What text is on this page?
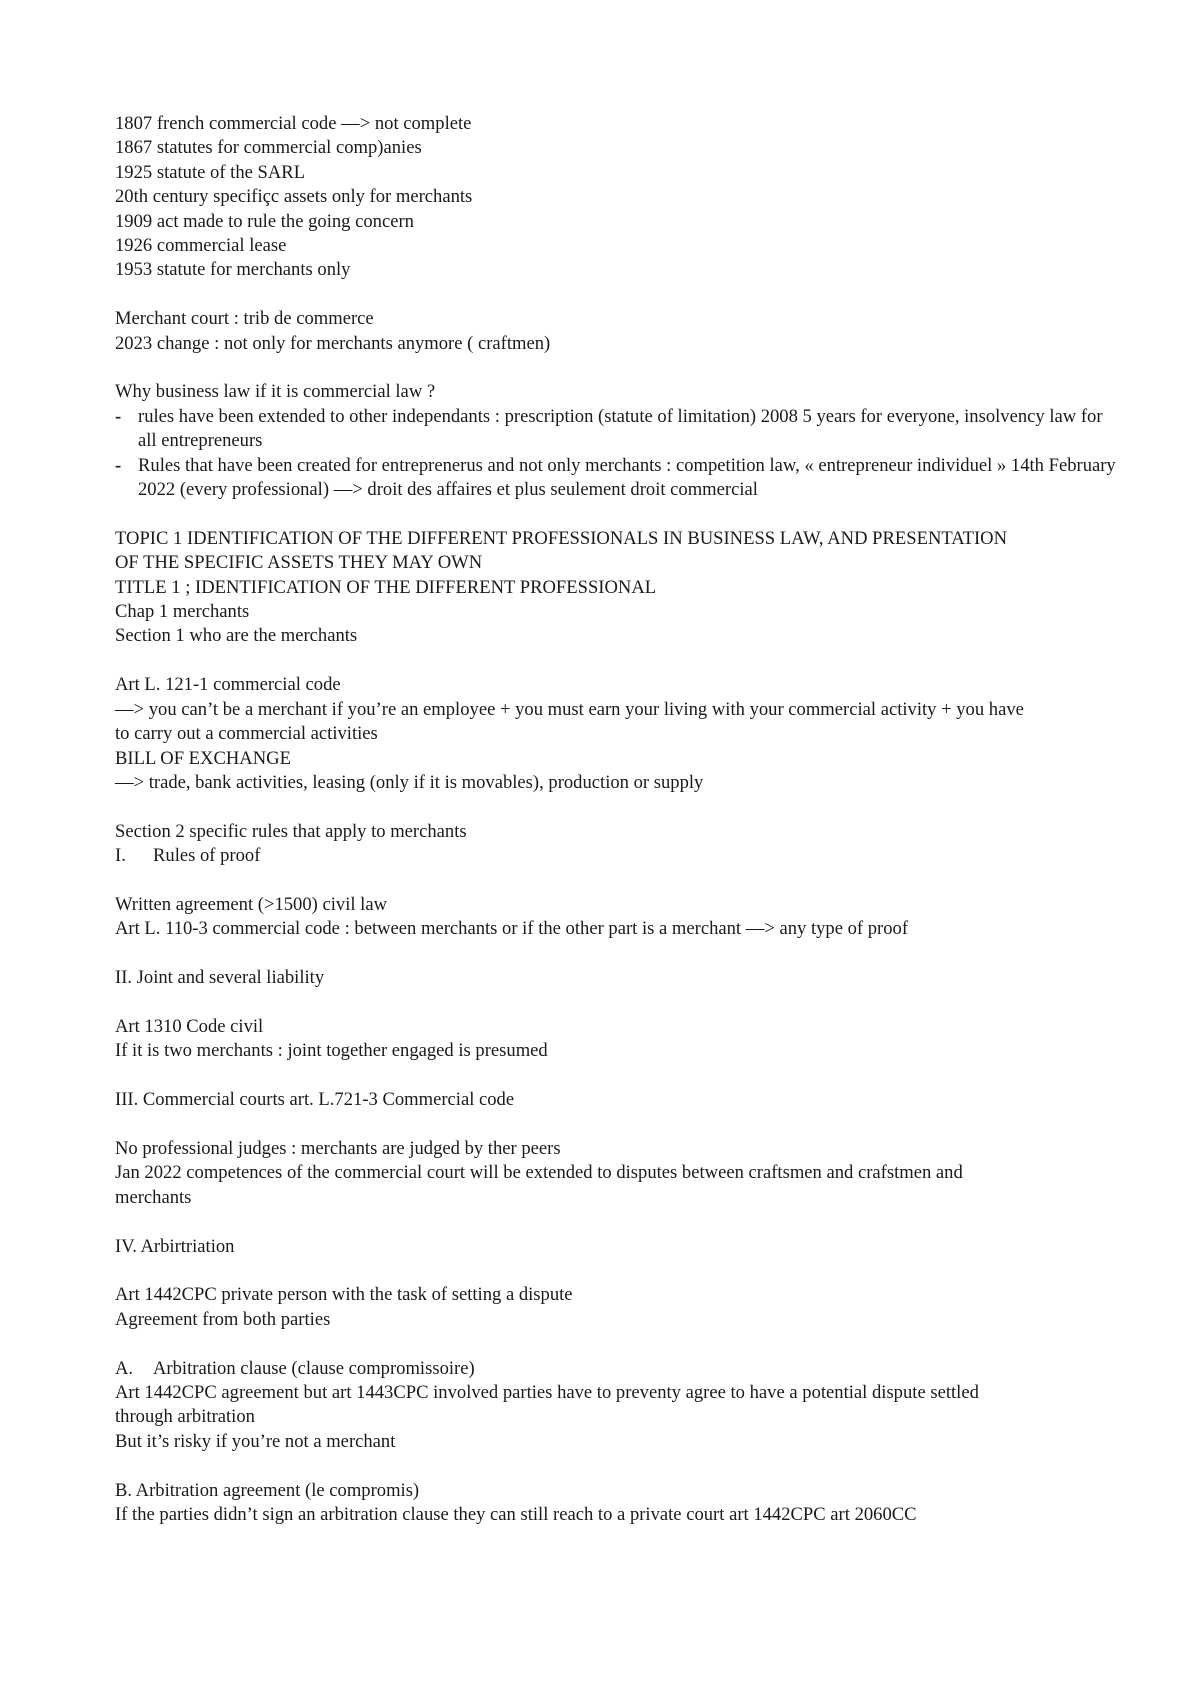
1807 french commercial code —> not complete
1867 statutes for commercial comp)anies
1925 statute of the SARL
20th century specifiçc assets only for merchants
1909 act made to rule the going concern
1926 commercial lease
1953 statute for merchants only
Merchant court : trib de commerce
2023 change : not only for merchants anymore ( craftmen)
Why business law if it is commercial law ?
- rules have been extended to other independants : prescription (statute of limitation) 2008 5 years for everyone, insolvency law for all entrepreneurs
- Rules that have been created for entreprenerus and not only merchants : competition law, « entrepreneur individuel » 14th February 2022 (every professional) —> droit des affaires et plus seulement droit commercial
TOPIC 1 IDENTIFICATION OF THE DIFFERENT PROFESSIONALS IN BUSINESS LAW, AND PRESENTATION OF THE SPECIFIC ASSETS THEY MAY OWN
TITLE 1 ; IDENTIFICATION OF THE DIFFERENT PROFESSIONAL
Chap 1 merchants
Section 1 who are the merchants
Art L. 121-1 commercial code
—> you can’t be a merchant if you’re an employee + you must earn your living with your commercial activity + you have to carry out a commercial activities
BILL OF EXCHANGE
—> trade, bank activities, leasing (only if it is movables), production or supply
Section 2 specific rules that apply to merchants
I. Rules of proof
Written agreement (>1500) civil law
Art L. 110-3 commercial code : between merchants or if the other part is a merchant —> any type of proof
II. Joint and several liability
Art 1310 Code civil
If it is two merchants : joint together engaged is presumed
III. Commercial courts art. L.721-3 Commercial code
No professional judges : merchants are judged by ther peers
Jan 2022 competences of the commercial court will be extended to disputes between craftsmen and crafstmen and merchants
IV. Arbirtriation
Art 1442CPC private person with the task of setting a dispute
Agreement from both parties
A. Arbitration clause (clause compromissoire)
Art 1442CPC agreement but art 1443CPC involved parties have to preventy agree to have a potential dispute settled through arbitration
But it’s risky if you’re not a merchant
B. Arbitration agreement (le compromis)
If the parties didn’t sign an arbitration clause they can still reach to a private court art 1442CPC art 2060CC
